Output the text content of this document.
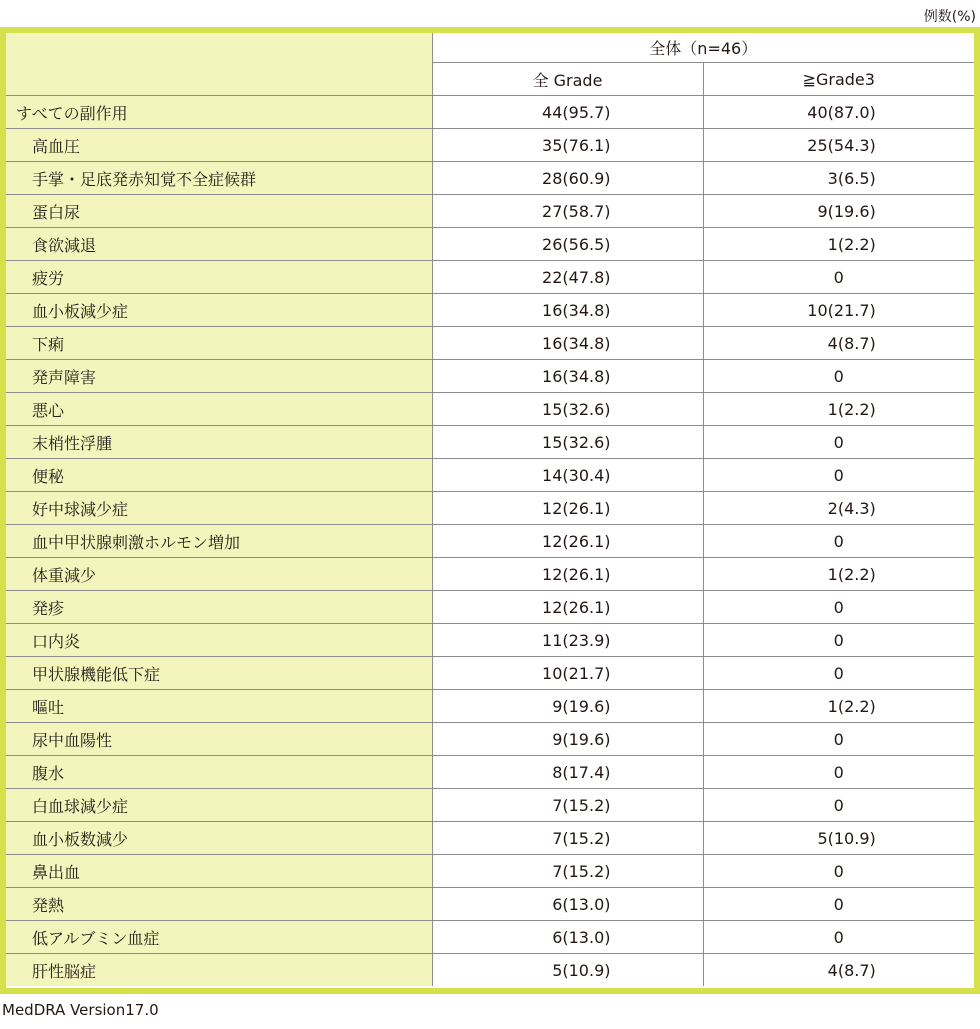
例数(%)
	全体（n=46）	
	全 Grade	≧Grade3
すべての副作用	44(95.7)	40(87.0)
高血圧	35(76.1)	25(54.3)
手掌・足底発赤知覚不全症候群	28(60.9)	3(6.5)
蛋白尿	27(58.7)	9(19.6)
食欲減退	26(56.5)	1(2.2)
疲労	22(47.8)	0
血小板減少症	16(34.8)	10(21.7)
下痢	16(34.8)	4(8.7)
発声障害	16(34.8)	0
悪心	15(32.6)	1(2.2)
末梢性浮腫	15(32.6)	0
便秘	14(30.4)	0
好中球減少症	12(26.1)	2(4.3)
血中甲状腺刺激ホルモン増加	12(26.1)	0
体重減少	12(26.1)	1(2.2)
発疹	12(26.1)	0
口内炎	11(23.9)	0
甲状腺機能低下症	10(21.7)	0
嘔吐	9(19.6)	1(2.2)
尿中血陽性	9(19.6)	0
腹水	8(17.4)	0
白血球減少症	7(15.2)	0
血小板数減少	7(15.2)	5(10.9)
鼻出血	7(15.2)	0
発熱	6(13.0)	0
低アルブミン血症	6(13.0)	0
肝性脳症	5(10.9)	4(8.7)
MedDRA Version17.0
